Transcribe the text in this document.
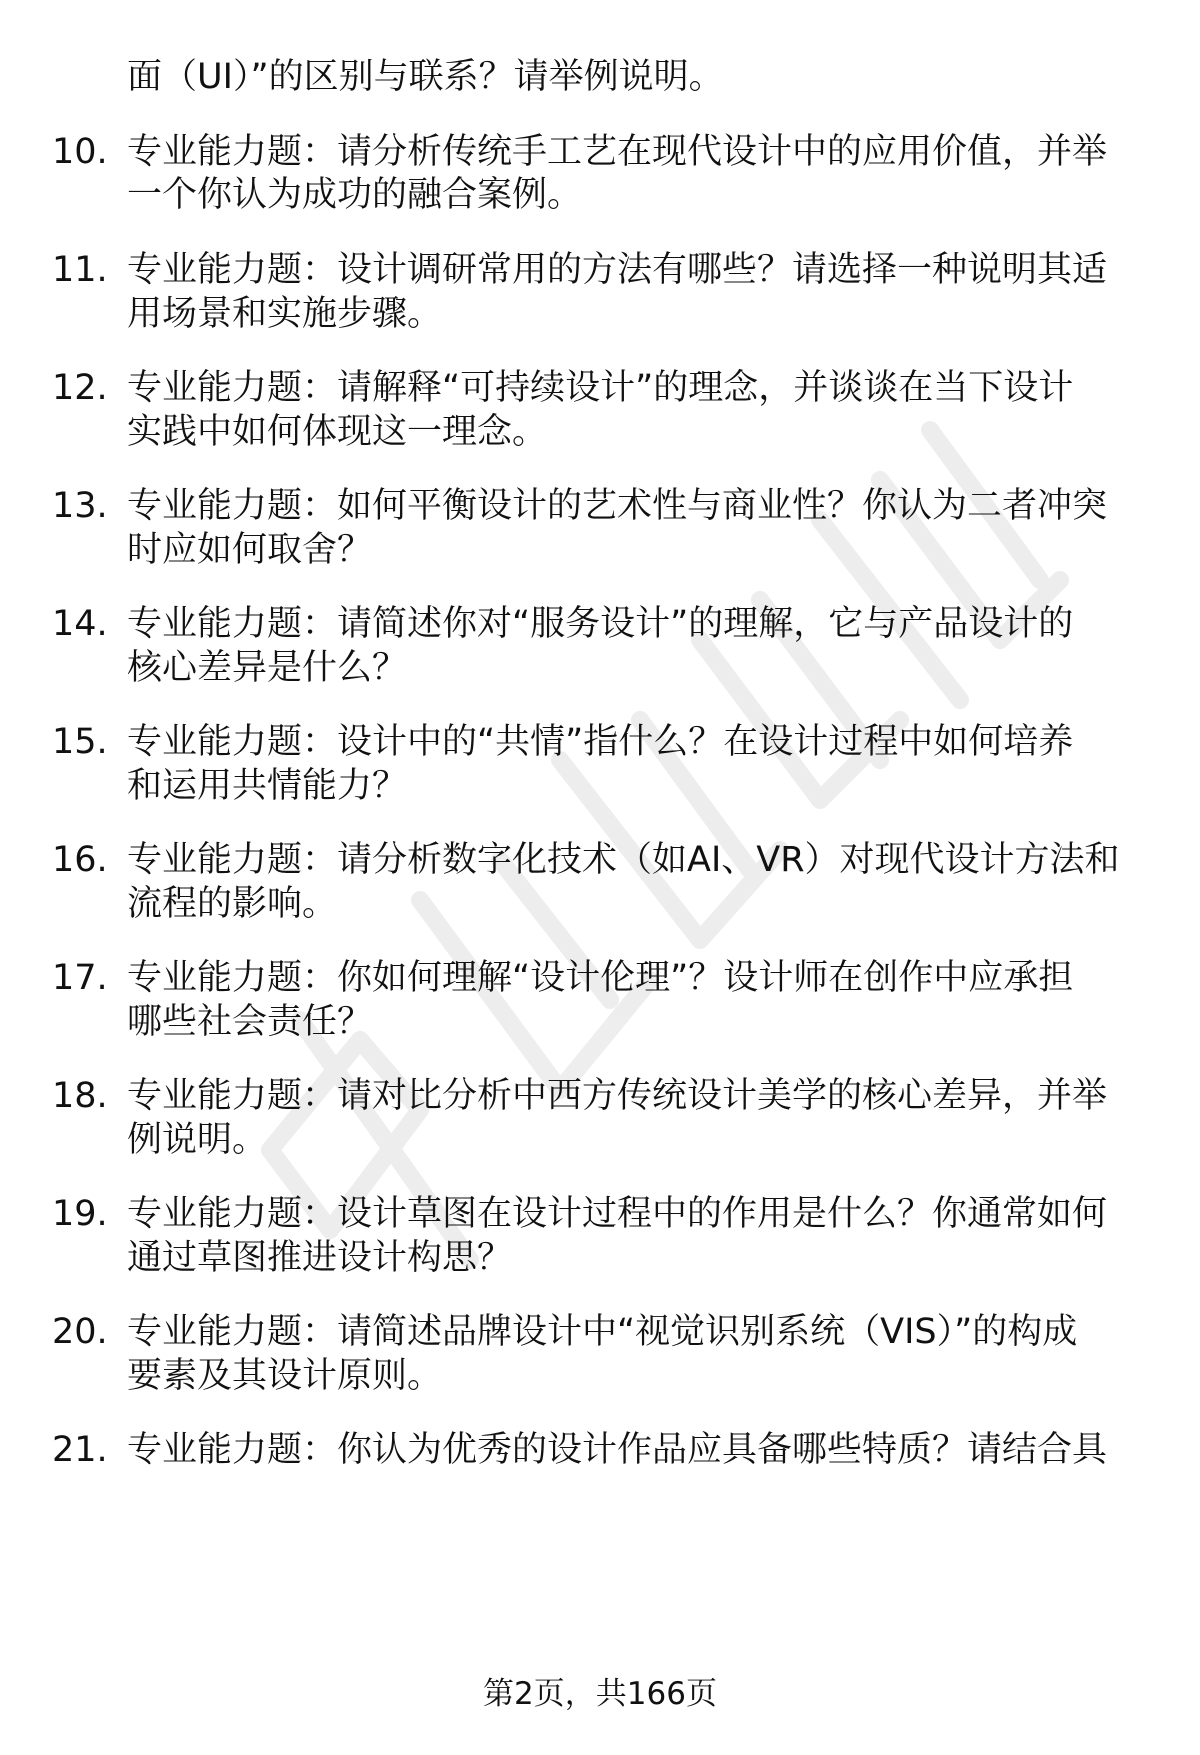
面（UI）”的区别与联系？请举例说明。
10. 专业能力题：请分析传统手工艺在现代设计中的应用价值，并举
一个你认为成功的融合案例。
11. 专业能力题：设计调研常用的方法有哪些？请选择一种说明其适
用场景和实施步骤。
12. 专业能力题：请解释“可持续设计”的理念，并谈谈在当下设计
实践中如何体现这一理念。
13. 专业能力题：如何平衡设计的艺术性与商业性？你认为二者冲突
时应如何取舍？
14. 专业能力题：请简述你对“服务设计”的理解，它与产品设计的
核心差异是什么？
15. 专业能力题：设计中的“共情”指什么？在设计过程中如何培养
和运用共情能力？
16. 专业能力题：请分析数字化技术（如AI、VR）对现代设计方法和
流程的影响。
17. 专业能力题：你如何理解“设计伦理”？设计师在创作中应承担
哪些社会责任？
18. 专业能力题：请对比分析中西方传统设计美学的核心差异，并举
例说明。
19. 专业能力题：设计草图在设计过程中的作用是什么？你通常如何
通过草图推进设计构思？
20. 专业能力题：请简述品牌设计中“视觉识别系统（VIS）”的构成
要素及其设计原则。
21. 专业能力题：你认为优秀的设计作品应具备哪些特质？请结合具
第2页，共166页
